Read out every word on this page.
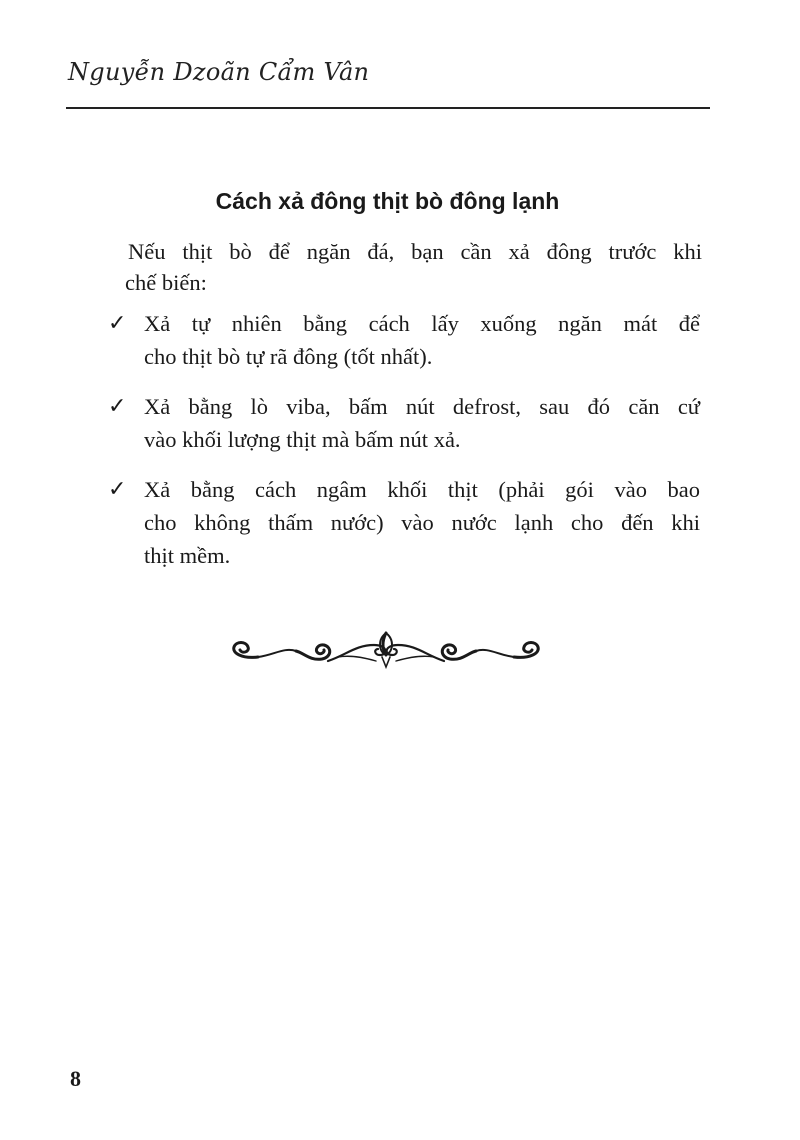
Nguyễn Dzoãn Cẩm Vân
Cách xả đông thịt bò đông lạnh
Nếu thịt bò để ngăn đá, bạn cần xả đông trước khi
chế biến:
✓ Xả tự nhiên bằng cách lấy xuống ngăn mát để
cho thịt bò tự rã đông (tốt nhất).
✓ Xả bằng lò viba, bấm nút defrost, sau đó căn cứ
vào khối lượng thịt mà bấm nút xả.
✓ Xả bằng cách ngâm khối thịt (phải gói vào bao
cho không thấm nước) vào nước lạnh cho đến khi
thịt mềm.
8
